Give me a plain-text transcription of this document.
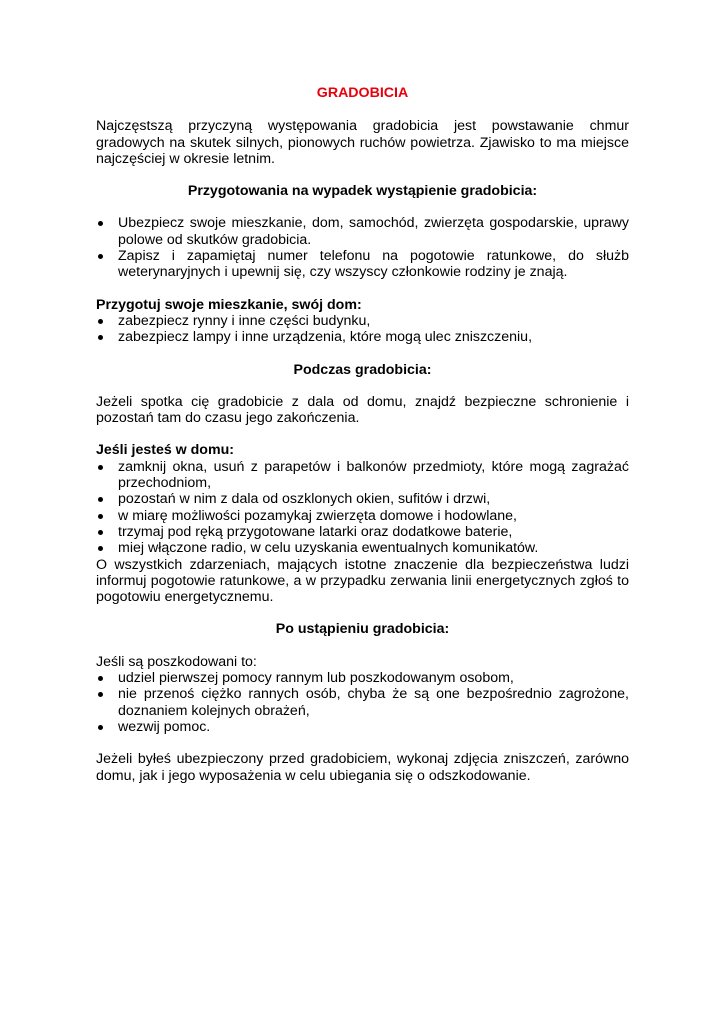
GRADOBICIA

Najczęstszą przyczyną występowania gradobicia jest powstawanie chmur gradowych na skutek silnych, pionowych ruchów powietrza. Zjawisko to ma miejsce najczęściej w okresie letnim.

Przygotowania na wypadek wystąpienie gradobicia:

Ubezpiecz swoje mieszkanie, dom, samochód, zwierzęta gospodarskie, uprawy polowe od skutków gradobicia.
Zapisz i zapamiętaj numer telefonu na pogotowie ratunkowe, do służb weterynaryjnych i upewnij się, czy wszyscy członkowie rodziny je znają.

Przygotuj swoje mieszkanie, swój dom:

zabezpiecz rynny i inne części budynku,
zabezpiecz lampy i inne urządzenia, które mogą ulec zniszczeniu,

Podczas gradobicia:

Jeżeli spotka cię gradobicie z dala od domu, znajdź bezpieczne schronienie i pozostań tam do czasu jego zakończenia.

Jeśli jesteś w domu:

zamknij okna, usuń z parapetów i balkonów przedmioty, które mogą zagrażać przechodniom,
pozostań w nim z dala od oszklonych okien, sufitów i drzwi,
w miarę możliwości pozamykaj zwierzęta domowe i hodowlane,
trzymaj pod ręką przygotowane latarki oraz dodatkowe baterie,
miej włączone radio, w celu uzyskania ewentualnych komunikatów.

O wszystkich zdarzeniach, mających istotne znaczenie dla bezpieczeństwa ludzi informuj pogotowie ratunkowe, a w przypadku zerwania linii energetycznych zgłoś to pogotowiu energetycznemu.

Po ustąpieniu gradobicia:

Jeśli są poszkodowani to:

udziel pierwszej pomocy rannym lub poszkodowanym osobom,
nie przenoś ciężko rannych osób, chyba że są one bezpośrednio zagrożone, doznaniem kolejnych obrażeń,
wezwij pomoc.

Jeżeli byłeś ubezpieczony przed gradobiciem, wykonaj zdjęcia zniszczeń, zarówno domu, jak i jego wyposażenia w celu ubiegania się o odszkodowanie.
